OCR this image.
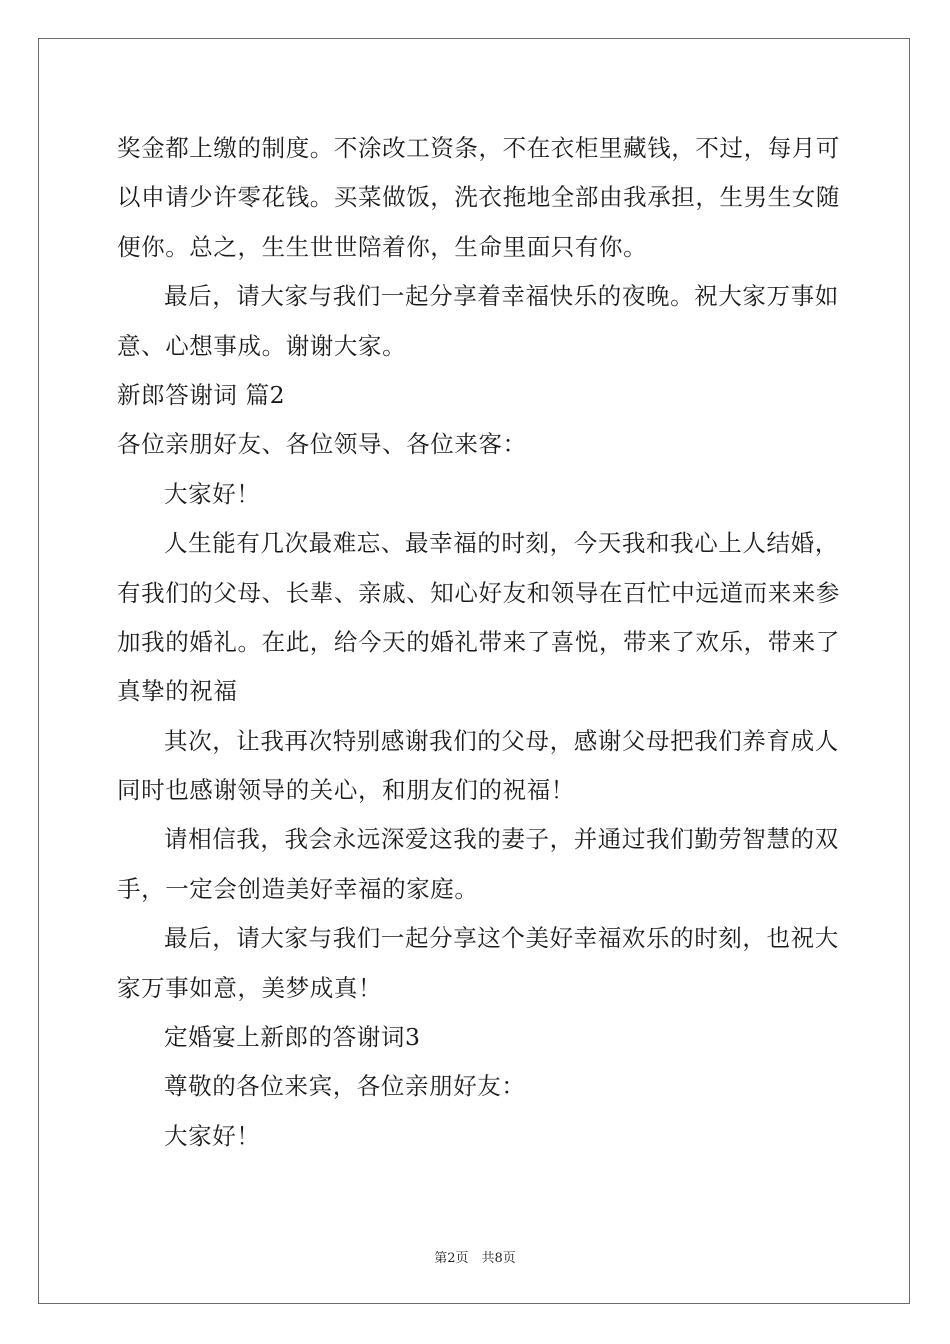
奖金都上缴的制度。不涂改工资条，不在衣柜里藏钱，不过，每月可
以申请少许零花钱。买菜做饭，洗衣拖地全部由我承担，生男生女随
便你。总之，生生世世陪着你，生命里面只有你。
最后，请大家与我们一起分享着幸福快乐的夜晚。祝大家万事如
意、心想事成。谢谢大家。
新郎答谢词 篇2
各位亲朋好友、各位领导、各位来客：
大家好！
人生能有几次最难忘、最幸福的时刻，今天我和我心上人结婚，
有我们的父母、长辈、亲戚、知心好友和领导在百忙中远道而来来参
加我的婚礼。在此，给今天的婚礼带来了喜悦，带来了欢乐，带来了
真挚的祝福
其次，让我再次特别感谢我们的父母，感谢父母把我们养育成人
同时也感谢领导的关心，和朋友们的祝福！
请相信我，我会永远深爱这我的妻子，并通过我们勤劳智慧的双
手，一定会创造美好幸福的家庭。
最后，请大家与我们一起分享这个美好幸福欢乐的时刻，也祝大
家万事如意，美梦成真！
定婚宴上新郎的答谢词3
尊敬的各位来宾，各位亲朋好友：
大家好！
第2页　共8页
